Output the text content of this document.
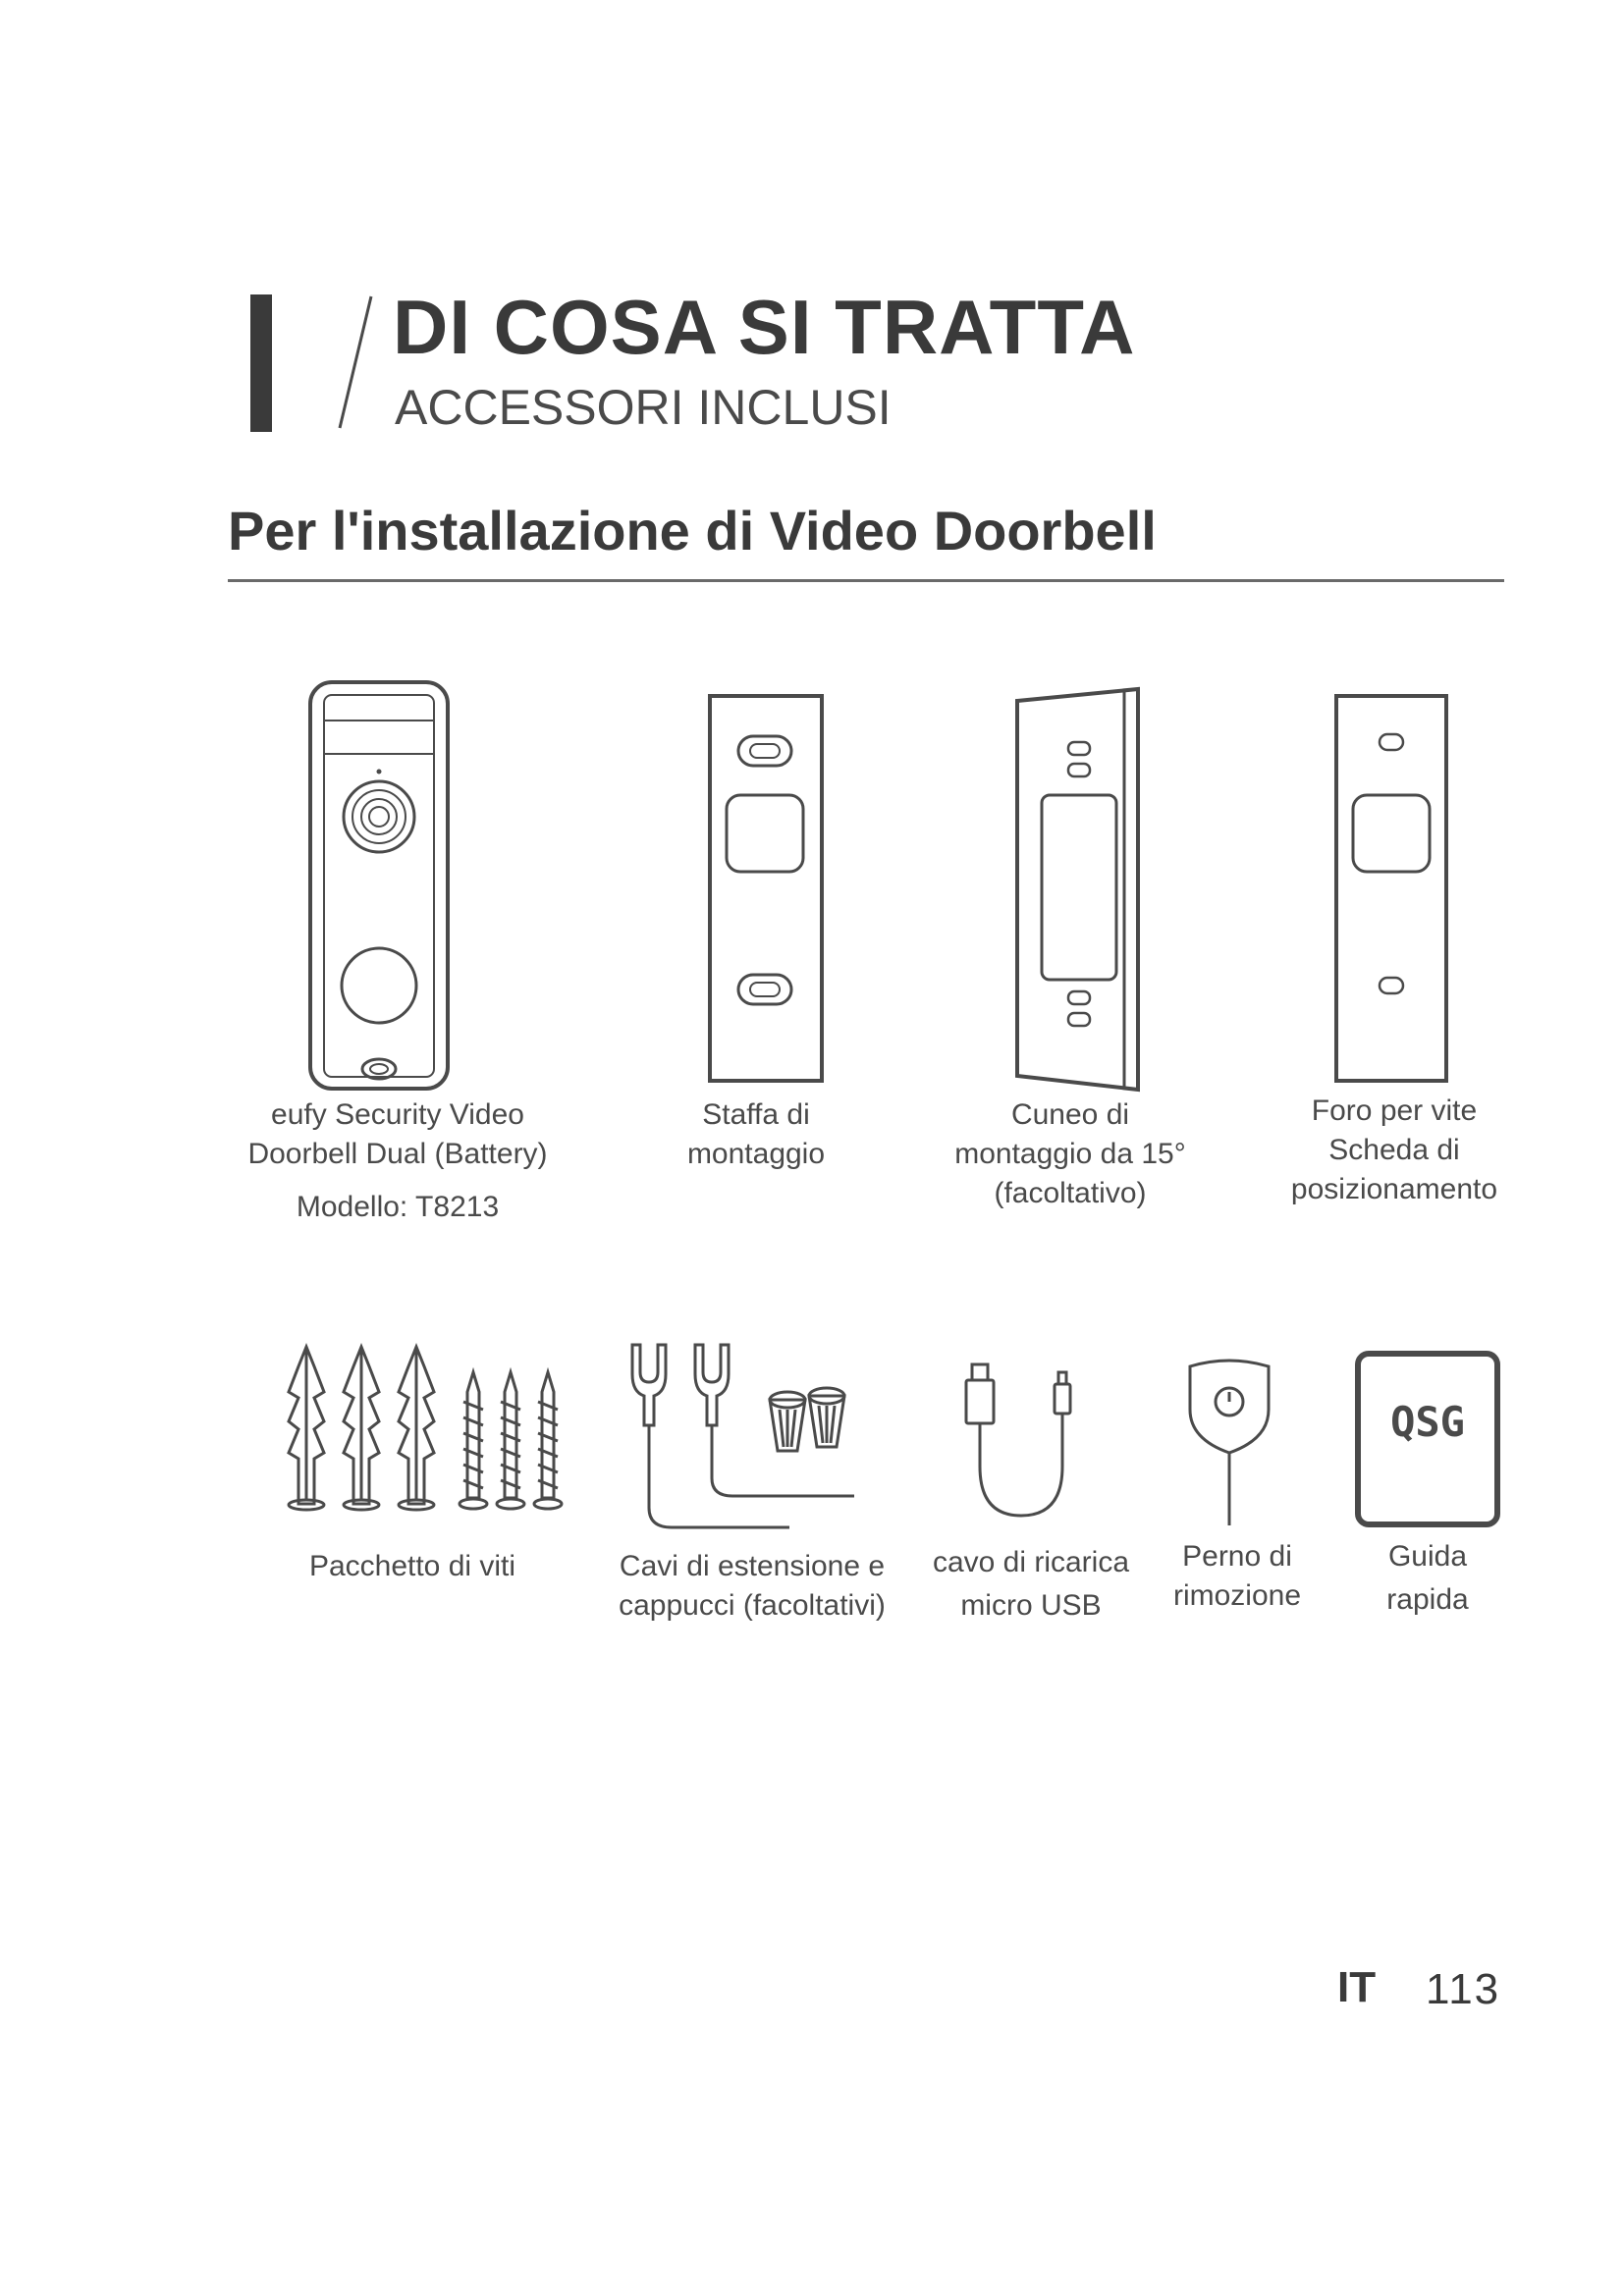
DI COSA SI TRATTA
ACCESSORI INCLUSI
Per l'installazione di Video Doorbell
eufy Security Video
Doorbell Dual (Battery)
Modello: T8213
Staffa di
montaggio
Cuneo di
montaggio da 15°
(facoltativo)
Foro per vite
Scheda di
posizionamento
QSG
Pacchetto di viti	Cavi di estensione e
cappucci (facoltativi)
cavo di ricarica
micro USB
Perno di
rimozione
Guida
rapida
IT 113
